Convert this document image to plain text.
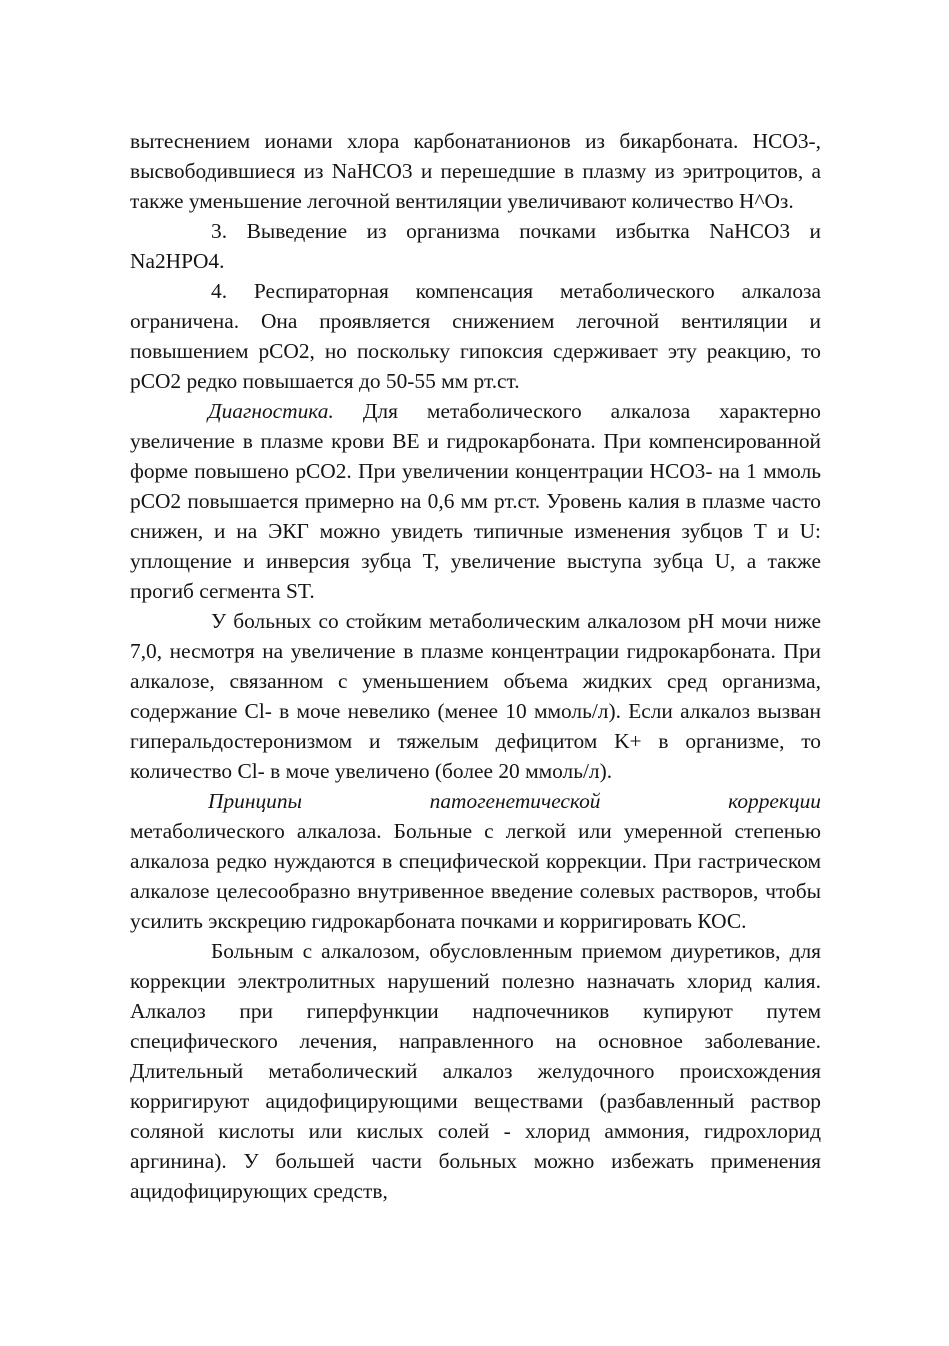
вытеснением ионами хлора карбонатанионов из бикарбоната. HCO3-, высвободившиеся из NaHCO3 и перешедшие в плазму из эритроцитов, а также уменьшение легочной вентиляции увеличивают количество H^Oз.

3. Выведение из организма почками избытка NaHCO3 и Na2HPO4.

4. Респираторная компенсация метаболического алкалоза ограничена. Она проявляется снижением легочной вентиляции и повышением pCO2, но поскольку гипоксия сдерживает эту реакцию, то pCO2 редко повышается до 50-55 мм рт.ст.

Диагностика. Для метаболического алкалоза характерно увеличение в плазме крови BE и гидрокарбоната. При компенсированной форме повышено pCO2. При увеличении концентрации HCO3- на 1 ммоль pCO2 повышается примерно на 0,6 мм рт.ст. Уровень калия в плазме часто снижен, и на ЭКГ можно увидеть типичные изменения зубцов T и U: уплощение и инверсия зубца T, увеличение выступа зубца U, а также прогиб сегмента ST.

У больных со стойким метаболическим алкалозом pH мочи ниже 7,0, несмотря на увеличение в плазме концентрации гидрокарбоната. При алкалозе, связанном с уменьшением объема жидких сред организма, содержание Cl- в моче невелико (менее 10 ммоль/л). Если алкалоз вызван гиперальдостеронизмом и тяжелым дефицитом K+ в организме, то количество Cl- в моче увеличено (более 20 ммоль/л).

Принципы патогенетической коррекции
метаболического алкалоза. Больные с легкой или умеренной степенью алкалоза редко нуждаются в специфической коррекции. При гастрическом алкалозе целесообразно внутривенное введение солевых растворов, чтобы усилить экскрецию гидрокарбоната почками и корригировать КОС.

Больным с алкалозом, обусловленным приемом диуретиков, для коррекции электролитных нарушений полезно назначать хлорид калия. Алкалоз при гиперфункции надпочечников купируют путем специфического лечения, направленного на основное заболевание. Длительный метаболический алкалоз желудочного происхождения корригируют ацидофицирующими веществами (разбавленный раствор соляной кислоты или кислых солей - хлорид аммония, гидрохлорид аргинина). У большей части больных можно избежать применения ацидофицирующих средств,
